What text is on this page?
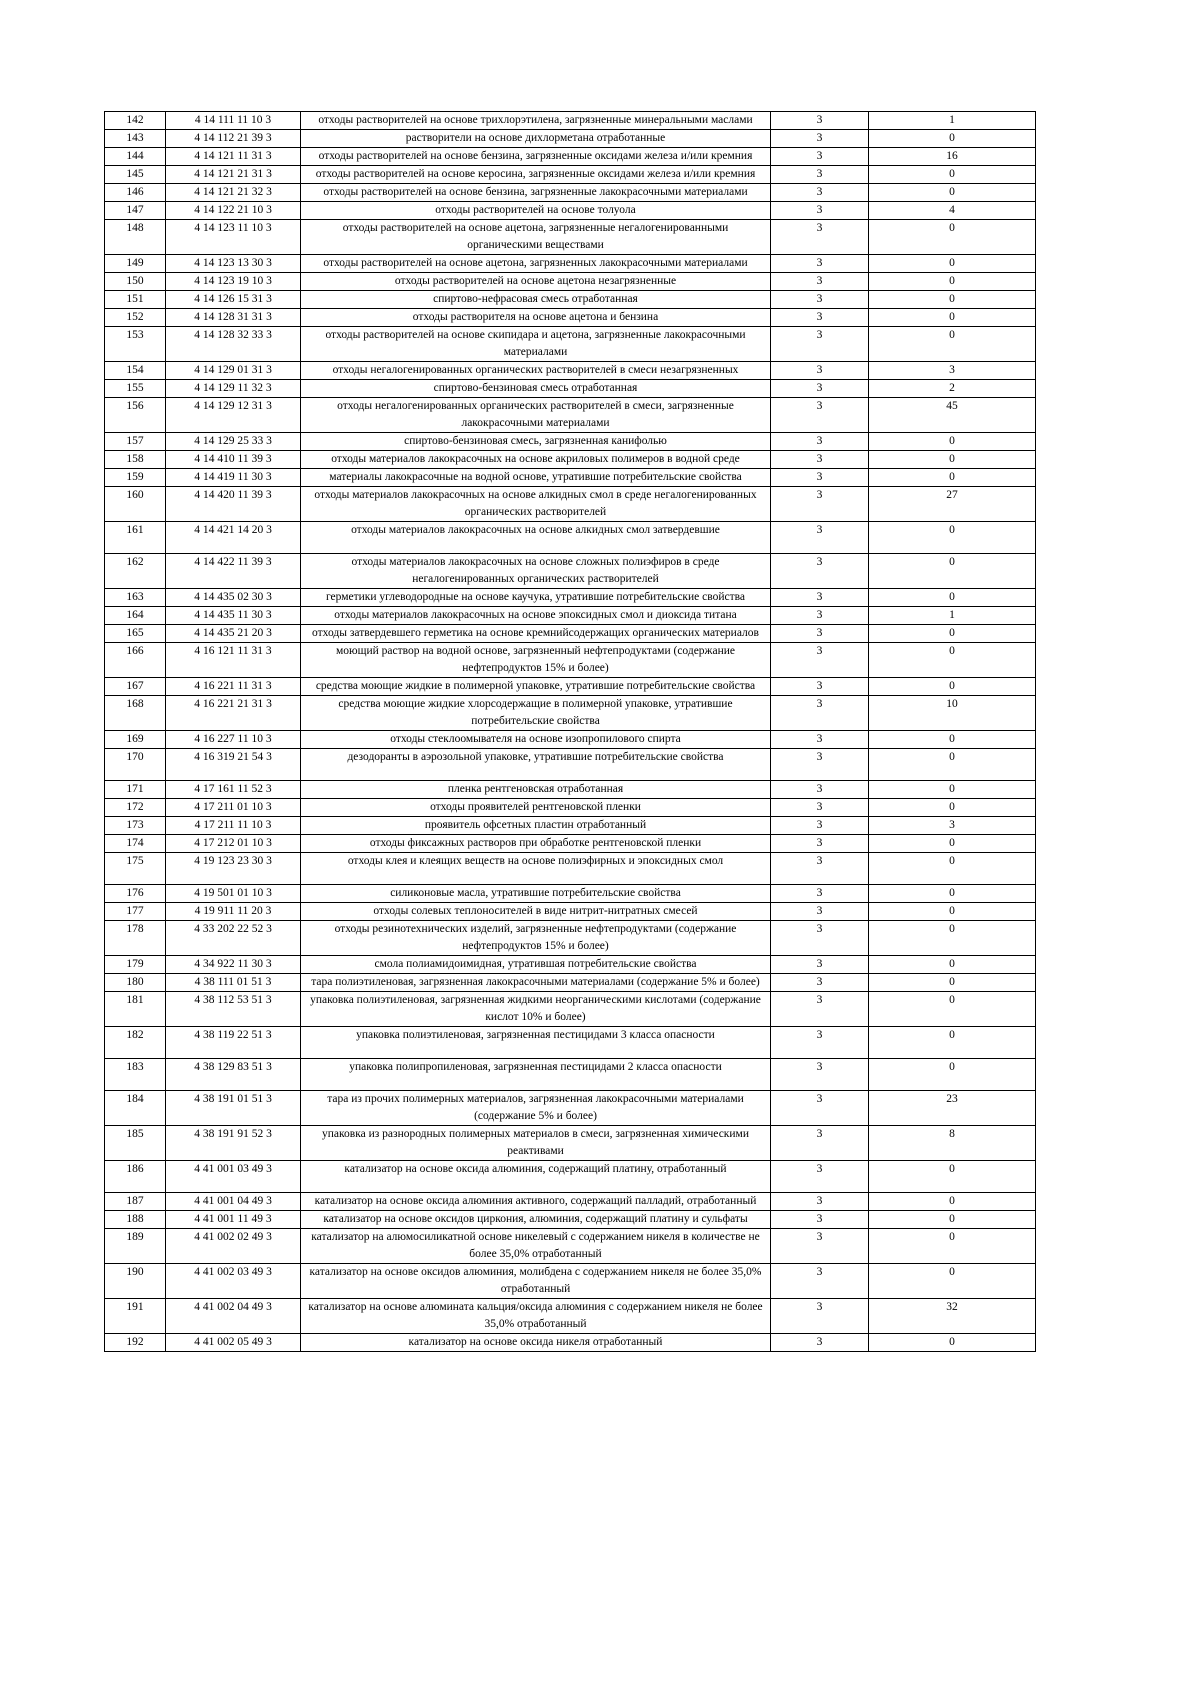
142	4 14 111 11 10 3	отходы растворителей на основе трихлорэтилена, загрязненные минеральными маслами	3	1
143	4 14 112 21 39 3	растворители на основе дихлорметана отработанные	3	0
144	4 14 121 11 31 3	отходы растворителей на основе бензина, загрязненные оксидами железа и/или кремния	3	16
145	4 14 121 21 31 3	отходы растворителей на основе керосина, загрязненные оксидами железа и/или кремния	3	0
146	4 14 121 21 32 3	отходы растворителей на основе бензина, загрязненные лакокрасочными материалами	3	0
147	4 14 122 21 10 3	отходы растворителей на основе толуола	3	4
148	4 14 123 11 10 3	отходы растворителей на основе ацетона, загрязненные негалогенированными органическими веществами	3	0
149	4 14 123 13 30 3	отходы растворителей на основе ацетона, загрязненных лакокрасочными материалами	3	0
150	4 14 123 19 10 3	отходы растворителей на основе ацетона незагрязненные	3	0
151	4 14 126 15 31 3	спиртово-нефрасовая смесь отработанная	3	0
152	4 14 128 31 31 3	отходы растворителя на основе ацетона и бензина	3	0
153	4 14 128 32 33 3	отходы растворителей на основе скипидара и ацетона, загрязненные лакокрасочными материалами	3	0
154	4 14 129 01 31 3	отходы негалогенированных органических растворителей в смеси незагрязненных	3	3
155	4 14 129 11 32 3	спиртово-бензиновая смесь отработанная	3	2
156	4 14 129 12 31 3	отходы негалогенированных органических растворителей в смеси, загрязненные лакокрасочными материалами	3	45
157	4 14 129 25 33 3	спиртово-бензиновая смесь, загрязненная канифолью	3	0
158	4 14 410 11 39 3	отходы материалов лакокрасочных на основе акриловых полимеров в водной среде	3	0
159	4 14 419 11 30 3	материалы лакокрасочные на водной основе, утратившие потребительские свойства	3	0
160	4 14 420 11 39 3	отходы материалов лакокрасочных на основе алкидных смол в среде негалогенированных органических растворителей	3	27
161	4 14 421 14 20 3	отходы материалов лакокрасочных на основе алкидных смол затвердевшие	3	0
162	4 14 422 11 39 3	отходы материалов лакокрасочных на основе сложных полиэфиров в среде негалогенированных органических растворителей	3	0
163	4 14 435 02 30 3	герметики углеводородные на основе каучука, утратившие потребительские свойства	3	0
164	4 14 435 11 30 3	отходы материалов лакокрасочных на основе эпоксидных смол и диоксида титана	3	1
165	4 14 435 21 20 3	отходы затвердевшего герметика на основе кремнийсодержащих органических материалов	3	0
166	4 16 121 11 31 3	моющий раствор на водной основе, загрязненный нефтепродуктами (содержание нефтепродуктов 15% и более)	3	0
167	4 16 221 11 31 3	средства моющие жидкие в полимерной упаковке, утратившие потребительские свойства	3	0
168	4 16 221 21 31 3	средства моющие жидкие хлорсодержащие в полимерной упаковке, утратившие потребительские свойства	3	10
169	4 16 227 11 10 3	отходы стеклоомывателя на основе изопропилового спирта	3	0
170	4 16 319 21 54 3	дезодоранты в аэрозольной упаковке, утратившие потребительские свойства	3	0
171	4 17 161 11 52 3	пленка рентгеновская отработанная	3	0
172	4 17 211 01 10 3	отходы проявителей рентгеновской пленки	3	0
173	4 17 211 11 10 3	проявитель офсетных пластин отработанный	3	3
174	4 17 212 01 10 3	отходы фиксажных растворов при обработке рентгеновской пленки	3	0
175	4 19 123 23 30 3	отходы клея и клеящих веществ на основе полиэфирных и эпоксидных смол	3	0
176	4 19 501 01 10 3	силиконовые масла, утратившие потребительские свойства	3	0
177	4 19 911 11 20 3	отходы солевых теплоносителей в виде нитрит-нитратных смесей	3	0
178	4 33 202 22 52 3	отходы резинотехнических изделий, загрязненные нефтепродуктами (содержание нефтепродуктов 15% и более)	3	0
179	4 34 922 11 30 3	смола полиамидоимидная, утратившая потребительские свойства	3	0
180	4 38 111 01 51 3	тара полиэтиленовая, загрязненная лакокрасочными материалами (содержание 5% и более)	3	0
181	4 38 112 53 51 3	упаковка полиэтиленовая, загрязненная жидкими неорганическими кислотами (содержание кислот 10% и более)	3	0
182	4 38 119 22 51 3	упаковка полиэтиленовая, загрязненная пестицидами 3 класса опасности	3	0
183	4 38 129 83 51 3	упаковка полипропиленовая, загрязненная пестицидами 2 класса опасности	3	0
184	4 38 191 01 51 3	тара из прочих полимерных материалов, загрязненная лакокрасочными материалами (содержание 5% и более)	3	23
185	4 38 191 91 52 3	упаковка из разнородных полимерных материалов в смеси, загрязненная химическими реактивами	3	8
186	4 41 001 03 49 3	катализатор на основе оксида алюминия, содержащий платину, отработанный	3	0
187	4 41 001 04 49 3	катализатор на основе оксида алюминия активного, содержащий палладий, отработанный	3	0
188	4 41 001 11 49 3	катализатор на основе оксидов циркония, алюминия, содержащий платину и сульфаты	3	0
189	4 41 002 02 49 3	катализатор на алюмосиликатной основе никелевый с содержанием никеля в количестве не более 35,0% отработанный	3	0
190	4 41 002 03 49 3	катализатор на основе оксидов алюминия, молибдена с содержанием никеля не более 35,0% отработанный	3	0
191	4 41 002 04 49 3	катализатор на основе алюмината кальция/оксида алюминия с содержанием никеля не более 35,0% отработанный	3	32
192	4 41 002 05 49 3	катализатор на основе оксида никеля отработанный	3	0
